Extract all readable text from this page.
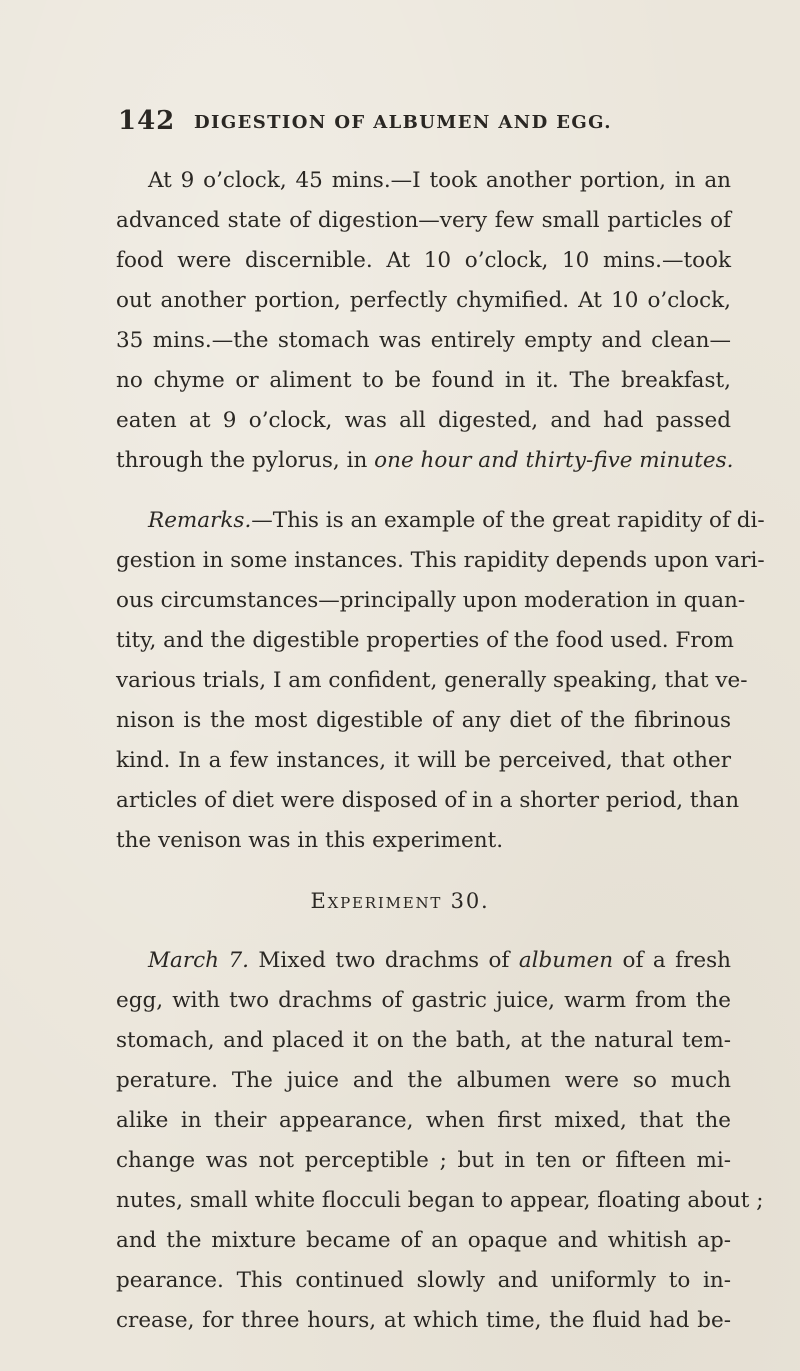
142 DIGESTION OF ALBUMEN AND EGG.
At 9 o’clock, 45 mins.—I took another portion, in an
advanced state of digestion—very few small particles of
food were discernible. At 10 o’clock, 10 mins.—took
out another portion, perfectly chymified. At 10 o’clock,
35 mins.—the stomach was entirely empty and clean—
no chyme or aliment to be found in it. The breakfast,
eaten at 9 o’clock, was all digested, and had passed
through the pylorus, in one hour and thirty-five minutes.
Remarks.—This is an example of the great rapidity of di-
gestion in some instances. This rapidity depends upon vari-
ous circumstances—principally upon moderation in quan-
tity, and the digestible properties of the food used. From
various trials, I am confident, generally speaking, that ve-
nison is the most digestible of any diet of the fibrinous
kind. In a few instances, it will be perceived, that other
articles of diet were disposed of in a shorter period, than
the venison was in this experiment.
Experiment 30.
March 7. Mixed two drachms of albumen of a fresh
egg, with two drachms of gastric juice, warm from the
stomach, and placed it on the bath, at the natural tem-
perature. The juice and the albumen were so much
alike in their appearance, when first mixed, that the
change was not perceptible ; but in ten or fifteen mi-
nutes, small white flocculi began to appear, floating about ;
and the mixture became of an opaque and whitish ap-
pearance. This continued slowly and uniformly to in-
crease, for three hours, at which time, the fluid had be-
